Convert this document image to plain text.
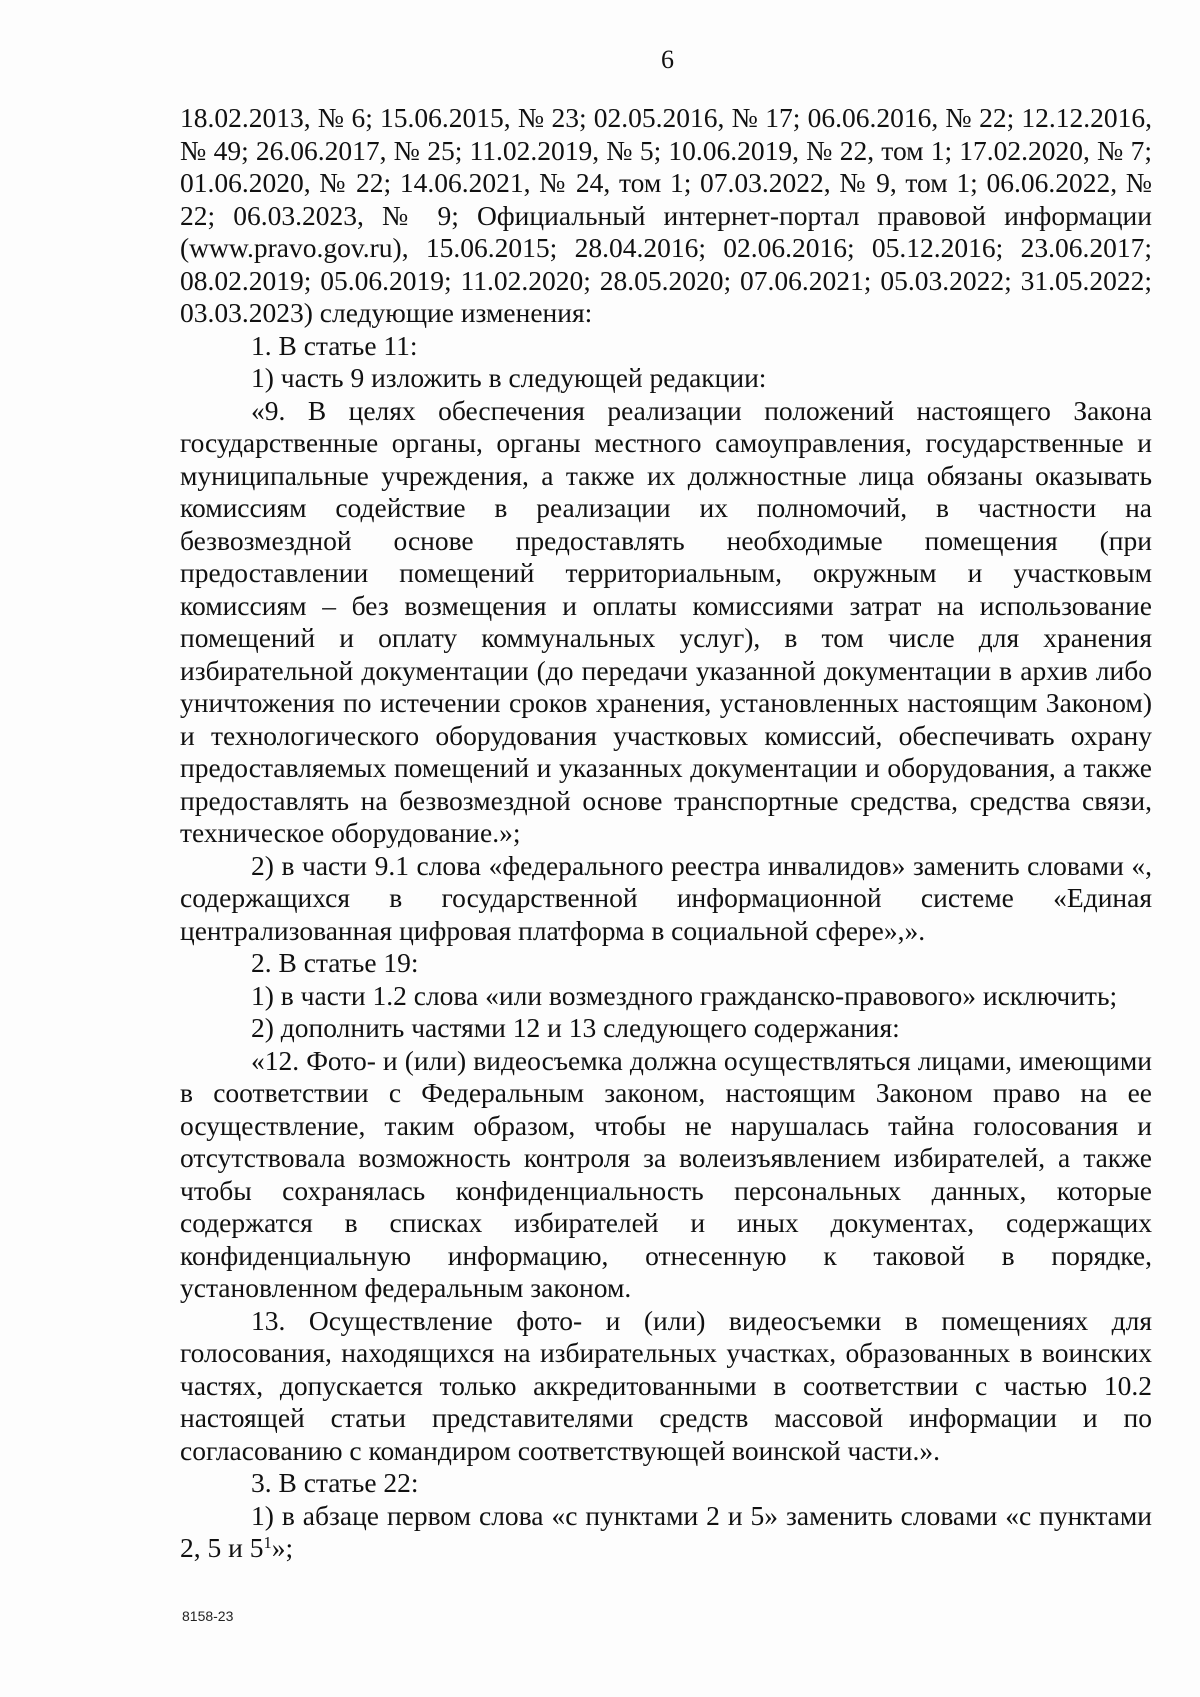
6

18.02.2013, № 6; 15.06.2015, № 23; 02.05.2016, № 17; 06.06.2016, № 22; 12.12.2016, № 49; 26.06.2017, № 25; 11.02.2019, № 5; 10.06.2019, № 22, том 1; 17.02.2020, № 7; 01.06.2020, № 22; 14.06.2021, № 24, том 1; 07.03.2022, № 9, том 1; 06.06.2022, № 22; 06.03.2023, № 9; Официальный интернет-портал правовой информации (www.pravo.gov.ru), 15.06.2015; 28.04.2016; 02.06.2016; 05.12.2016; 23.06.2017; 08.02.2019; 05.06.2019; 11.02.2020; 28.05.2020; 07.06.2021; 05.03.2022; 31.05.2022; 03.03.2023) следующие изменения:

1. В статье 11:

1) часть 9 изложить в следующей редакции:

«9. В целях обеспечения реализации положений настоящего Закона государственные органы, органы местного самоуправления, государственные и муниципальные учреждения, а также их должностные лица обязаны оказывать комиссиям содействие в реализации их полномочий, в частности на безвозмездной основе предоставлять необходимые помещения (при предоставлении помещений территориальным, окружным и участковым комиссиям – без возмещения и оплаты комиссиями затрат на использование помещений и оплату коммунальных услуг), в том числе для хранения избирательной документации (до передачи указанной документации в архив либо уничтожения по истечении сроков хранения, установленных настоящим Законом) и технологического оборудования участковых комиссий, обеспечивать охрану предоставляемых помещений и указанных документации и оборудования, а также предоставлять на безвозмездной основе транспортные средства, средства связи, техническое оборудование.»;

2) в части 9.1 слова «федерального реестра инвалидов» заменить словами «, содержащихся в государственной информационной системе «Единая централизованная цифровая платформа в социальной сфере»,».

2. В статье 19:

1) в части 1.2 слова «или возмездного гражданско-правового» исключить;

2) дополнить частями 12 и 13 следующего содержания:

«12. Фото- и (или) видеосъемка должна осуществляться лицами, имеющими в соответствии с Федеральным законом, настоящим Законом право на ее осуществление, таким образом, чтобы не нарушалась тайна голосования и отсутствовала возможность контроля за волеизъявлением избирателей, а также чтобы сохранялась конфиденциальность персональных данных, которые содержатся в списках избирателей и иных документах, содержащих конфиденциальную информацию, отнесенную к таковой в порядке, установленном федеральным законом.

13. Осуществление фото- и (или) видеосъемки в помещениях для голосования, находящихся на избирательных участках, образованных в воинских частях, допускается только аккредитованными в соответствии с частью 10.2 настоящей статьи представителями средств массовой информации и по согласованию с командиром соответствующей воинской части.».

3. В статье 22:

1) в абзаце первом слова «с пунктами 2 и 5» заменить словами «с пунктами 2, 5 и $5^1$»;

8158-23
